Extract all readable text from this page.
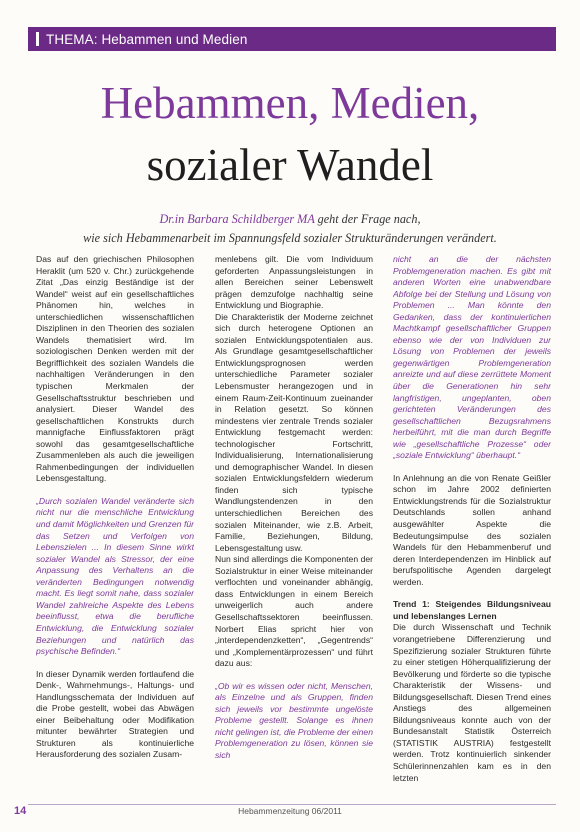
THEMA: Hebammen und Medien
Hebammen, Medien,
sozialer Wandel
Dr.in Barbara Schildberger MA geht der Frage nach,
wie sich Hebammenarbeit im Spannungsfeld sozialer Strukturänderungen verändert.

Das auf den griechischen Philosophen Heraklit (um 520 v. Chr.) zurückgehende Zitat „Das einzig Beständige ist der Wandel“ weist auf ein gesellschaftliches Phänomen hin, welches in unterschiedlichen wissenschaftlichen Disziplinen in den Theorien des sozialen Wandels thematisiert wird. Im soziologischen Denken werden mit der Begrifflichkeit des sozialen Wandels die nachhaltigen Veränderungen in den typischen Merkmalen der Gesellschaftsstruktur beschrieben und analysiert. Dieser Wandel des gesellschaftlichen Konstrukts durch mannigfache Einflussfaktoren prägt sowohl das gesamtgesellschaftliche Zusammenleben als auch die jeweiligen Rahmenbedingungen der individuellen Lebensgestaltung.

„Durch sozialen Wandel veränderte sich nicht nur die menschliche Entwicklung und damit Möglichkeiten und Grenzen für das Setzen und Verfolgen von Lebenszielen ... In diesem Sinne wirkt sozialer Wandel als Stressor, der eine Anpassung des Verhaltens an die veränderten Bedingungen notwendig macht. Es liegt somit nahe, dass sozialer Wandel zahlreiche Aspekte des Lebens beeinflusst, etwa die berufliche Entwicklung, die Entwicklung sozialer Beziehungen und natürlich das psychische Befinden.“

In dieser Dynamik werden fortlaufend die Denk-, Wahrnehmungs-, Haltungs- und Handlungsschemata der Individuen auf die Probe gestellt, wobei das Abwägen einer Beibehaltung oder Modifikation mitunter bewährter Strategien und Strukturen als kontinuierliche Herausforderung des sozialen Zusam-

menlebens gilt. Die vom Individuum geforderten Anpassungsleistungen in allen Bereichen seiner Lebenswelt prägen demzufolge nachhaltig seine Entwicklung und Biographie.

Die Charakteristik der Moderne zeichnet sich durch heterogene Optionen an sozialen Entwicklungspotentialen aus. Als Grundlage gesamtgesellschaftlicher Entwicklungsprognosen werden unterschiedliche Parameter sozialer Lebensmuster herangezogen und in einem Raum-Zeit-Kontinuum zueinander in Relation gesetzt. So können mindestens vier zentrale Trends sozialer Entwicklung festgemacht werden: technologischer Fortschritt, Individualisierung, Internationalisierung und demographischer Wandel. In diesen sozialen Entwicklungsfeldern wiederum finden sich typische Wandlungstendenzen in den unterschiedlichen Bereichen des sozialen Miteinander, wie z.B. Arbeit, Familie, Beziehungen, Bildung, Lebensgestaltung usw.

Nun sind allerdings die Komponenten der Sozialstruktur in einer Weise miteinander verflochten und voneinander abhängig, dass Entwicklungen in einem Bereich unweigerlich auch andere Gesellschaftssektoren beeinflussen. Norbert Elias spricht hier von „interdependenzketten“, „Gegentrends“ und „Komplementärprozessen“ und führt dazu aus:

„Ob wir es wissen oder nicht, Menschen, als Einzelne und als Gruppen, finden sich jeweils vor bestimmte ungelöste Probleme gestellt. Solange es ihnen nicht gelingen ist, die Probleme der einen Problemgeneration zu lösen, können sie sich

nicht an die der nächsten Problemgeneration machen. Es gibt mit anderen Worten eine unabwendbare Abfolge bei der Stellung und Lösung von Problemen ... Man könnte den Gedanken, dass der kontinuierlichen Machtkampf gesellschaftlicher Gruppen ebenso wie der von Individuen zur Lösung von Problemen der jeweils gegenwärtigen Problemgeneration anreizte und auf diese zerrüttete Moment über die Generationen hin sehr langfristigen, ungeplanten, oben gerichteten Veränderungen des gesellschaftlichen Bezugsrahmens herbeiführt, mit die man durch Begriffe wie „gesellschaftliche Prozesse“ oder „soziale Entwicklung“ überhaupt.“

In Anlehnung an die von Renate Geißler schon im Jahre 2002 definierten Entwicklungstrends für die Sozialstruktur Deutschlands sollen anhand ausgewählter Aspekte die Bedeutungsimpulse des sozialen Wandels für den Hebammenberuf und deren Interdependenzen im Hinblick auf berufspolitische Agenden dargelegt werden.

Trend 1: Steigendes Bildungsniveau und lebenslanges Lernen

Die durch Wissenschaft und Technik vorangetriebene Differenzierung und Spezifizierung sozialer Strukturen führte zu einer stetigen Höherqualifizierung der Bevölkerung und förderte so die typische Charakteristik der Wissens- und Bildungsgesellschaft. Diesen Trend eines Anstiegs des allgemeinen Bildungsniveaus konnte auch von der Bundesanstalt Statistik Österreich (STATISTIK AUSTRIA) festgestellt werden. Trotz kontinuierlich sinkender Schülerinnenzahlen kam es in den letzten

14	Hebammenzeitung 06/2011
